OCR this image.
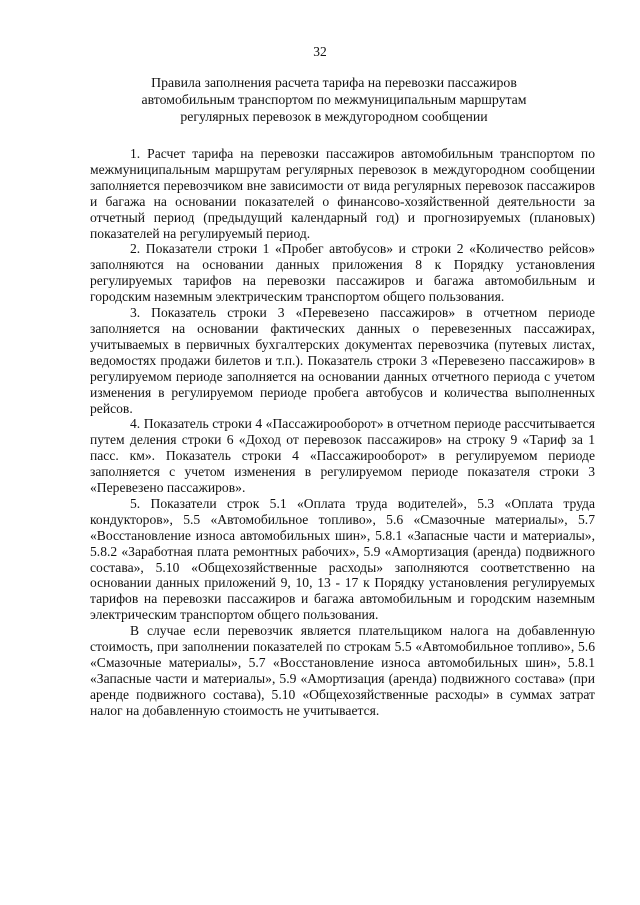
32
Правила заполнения расчета тарифа на перевозки пассажиров
автомобильным транспортом по межмуниципальным маршрутам
регулярных перевозок в междугородном сообщении

1. Расчет тарифа на перевозки пассажиров автомобильным транспортом по межмуниципальным маршрутам регулярных перевозок в междугородном сообщении заполняется перевозчиком вне зависимости от вида регулярных перевозок пассажиров и багажа на основании показателей о финансово-хозяйственной деятельности за отчетный период (предыдущий календарный год) и прогнозируемых (плановых) показателей на регулируемый период.

2. Показатели строки 1 «Пробег автобусов» и строки 2 «Количество рейсов» заполняются на основании данных приложения 8 к Порядку установления регулируемых тарифов на перевозки пассажиров и багажа автомобильным и городским наземным электрическим транспортом общего пользования.

3. Показатель строки 3 «Перевезено пассажиров» в отчетном периоде заполняется на основании фактических данных о перевезенных пассажирах, учитываемых в первичных бухгалтерских документах перевозчика (путевых листах, ведомостях продажи билетов и т.п.). Показатель строки 3 «Перевезено пассажиров» в регулируемом периоде заполняется на основании данных отчетного периода с учетом изменения в регулируемом периоде пробега автобусов и количества выполненных рейсов.

4. Показатель строки 4 «Пассажирооборот» в отчетном периоде рассчитывается путем деления строки 6 «Доход от перевозок пассажиров» на строку 9 «Тариф за 1 пасс. км». Показатель строки 4 «Пассажирооборот» в регулируемом периоде заполняется с учетом изменения в регулируемом периоде показателя строки 3 «Перевезено пассажиров».

5. Показатели строк 5.1 «Оплата труда водителей», 5.3 «Оплата труда кондукторов», 5.5 «Автомобильное топливо», 5.6 «Смазочные материалы», 5.7 «Восстановление износа автомобильных шин», 5.8.1 «Запасные части и материалы», 5.8.2 «Заработная плата ремонтных рабочих», 5.9 «Амортизация (аренда) подвижного состава», 5.10 «Общехозяйственные расходы» заполняются соответственно на основании данных приложений 9, 10, 13 - 17 к Порядку установления регулируемых тарифов на перевозки пассажиров и багажа автомобильным и городским наземным электрическим транспортом общего пользования.

В случае если перевозчик является плательщиком налога на добавленную стоимость, при заполнении показателей по строкам 5.5 «Автомобильное топливо», 5.6 «Смазочные материалы», 5.7 «Восстановление износа автомобильных шин», 5.8.1 «Запасные части и материалы», 5.9 «Амортизация (аренда) подвижного состава» (при аренде подвижного состава), 5.10 «Общехозяйственные расходы» в суммах затрат налог на добавленную стоимость не учитывается.
